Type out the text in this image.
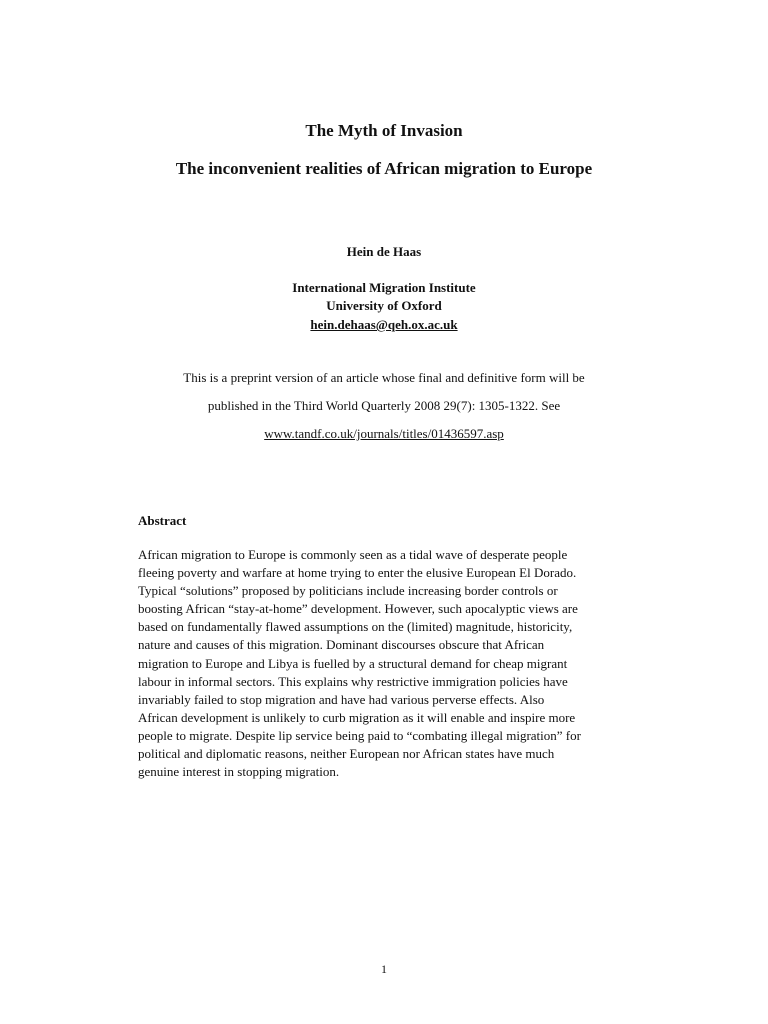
The Myth of Invasion
The inconvenient realities of African migration to Europe
Hein de Haas
International Migration Institute
University of Oxford
hein.dehaas@qeh.ox.ac.uk
This is a preprint version of an article whose final and definitive form will be
published in the Third World Quarterly 2008 29(7): 1305-1322. See
www.tandf.co.uk/journals/titles/01436597.asp
Abstract
African migration to Europe is commonly seen as a tidal wave of desperate people
fleeing poverty and warfare at home trying to enter the elusive European El Dorado.
Typical “solutions” proposed by politicians include increasing border controls or
boosting African “stay-at-home” development. However, such apocalyptic views are
based on fundamentally flawed assumptions on the (limited) magnitude, historicity,
nature and causes of this migration. Dominant discourses obscure that African
migration to Europe and Libya is fuelled by a structural demand for cheap migrant
labour in informal sectors. This explains why restrictive immigration policies have
invariably failed to stop migration and have had various perverse effects. Also
African development is unlikely to curb migration as it will enable and inspire more
people to migrate. Despite lip service being paid to “combating illegal migration” for
political and diplomatic reasons, neither European nor African states have much
genuine interest in stopping migration.
1
